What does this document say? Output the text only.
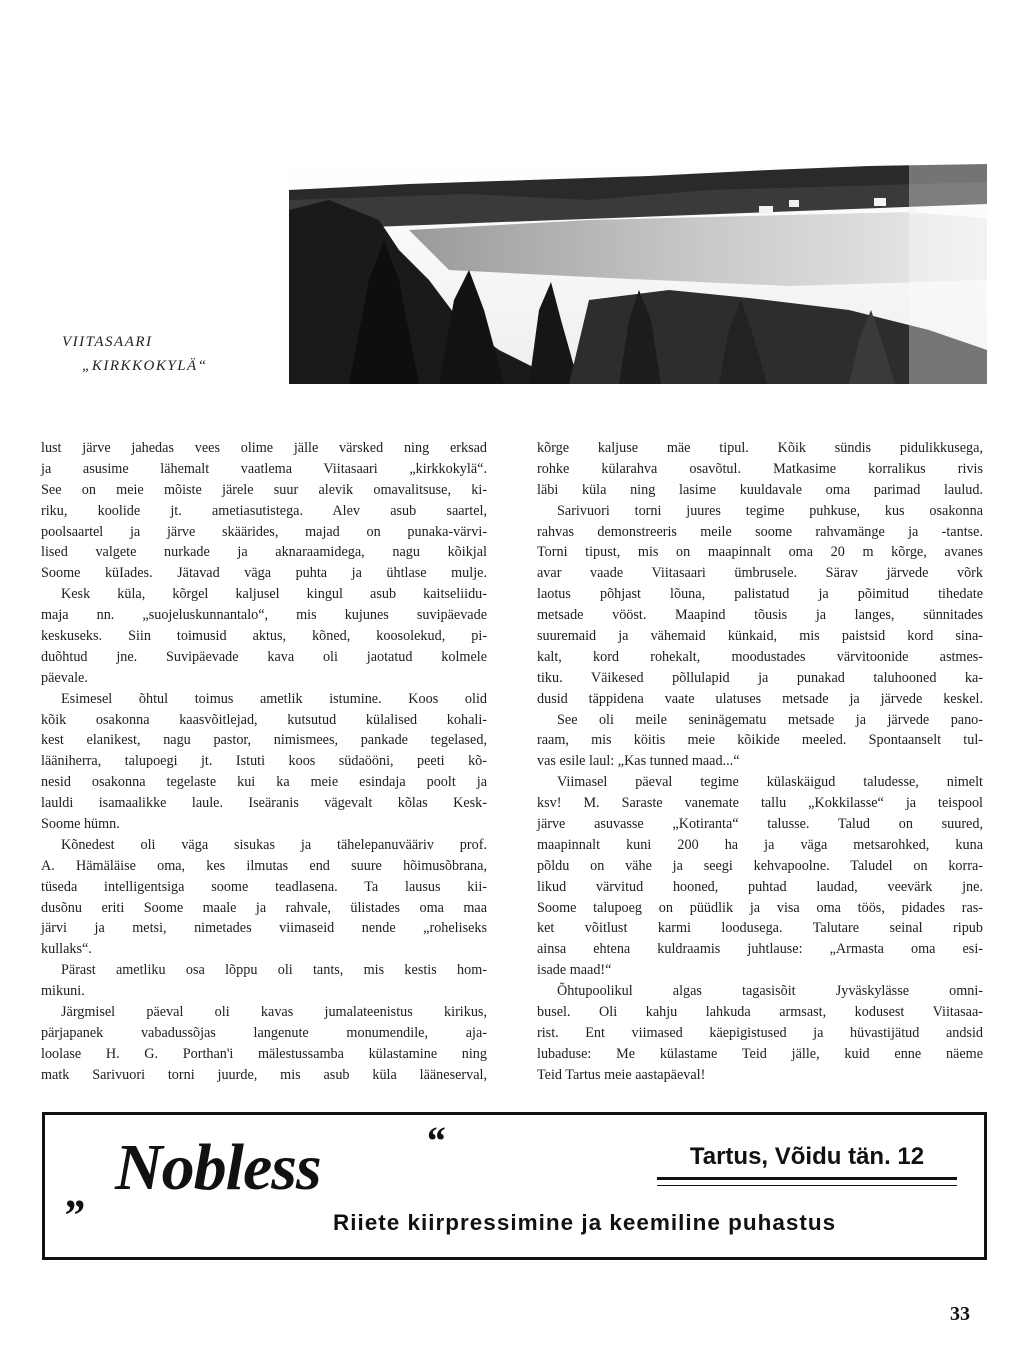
VIITASAARI
„KIRKKOKYLÄ“
lust järve jahedas vees olime jälle värsked ning erksad
ja asusime lähemalt vaatlema Viitasaari „kirkkokylä“.
See on meie mõiste järele suur alevik omavalitsuse, ki-
riku, koolide jt. ametiasutistega. Alev asub saartel,
poolsaartel ja järve skäärides, majad on punaka-värvi-
lised valgete nurkade ja aknaraamidega, nagu kõikjal
Soome küIades. Jätavad väga puhta ja ühtlase mulje.
Kesk küla, kõrgel kaljusel kingul asub kaitseliidu-
maja nn. „suojeluskunnantalo“, mis kujunes suvipäevade
keskuseks. Siin toimusid aktus, kõned, koosolekud, pi-
duõhtud jne. Suvipäevade kava oli jaotatud kolmele
päevale.
Esimesel õhtul toimus ametlik istumine. Koos olid
kõik osakonna kaasvõitlejad, kutsutud külalised kohali-
kest elanikest, nagu pastor, nimismees, pankade tegelased,
lääniherra, talupoegi jt. Istuti koos südaööni, peeti kõ-
nesid osakonna tegelaste kui ka meie esindaja poolt ja
lauldi isamaalikke laule. Iseäranis vägevalt kõlas Kesk-
Soome hümn.
Kõnedest oli väga sisukas ja tähelepanuvääriv prof.
A. Hämäläise oma, kes ilmutas end suure hõimusõbrana,
tüseda intelligentsiga soome teadlasena. Ta lausus kii-
dusõnu eriti Soome maale ja rahvale, ülistades oma maa
järvi ja metsi, nimetades viimaseid nende „roheliseks
kullaks“.
Pärast ametliku osa lõppu oli tants, mis kestis hom-
mikuni.
Järgmisel päeval oli kavas jumalateenistus kirikus,
pärjapanek vabadussõjas langenute monumendile, aja-
loolase H. G. Porthan'i mälestussamba külastamine ning
matk Sarivuori torni juurde, mis asub küla lääneserval,
kõrge kaljuse mäe tipul. Kõik sündis pidulikkusega,
rohke külarahva osavõtul. Matkasime korralikus rivis
läbi küla ning lasime kuuldavale oma parimad laulud.
Sarivuori torni juures tegime puhkuse, kus osakonna
rahvas demonstreeris meile soome rahvamänge ja -tantse.
Torni tipust, mis on maapinnalt oma 20 m kõrge, avanes
avar vaade Viitasaari ümbrusele. Särav järvede võrk
laotus põhjast lõuna, palistatud ja põimitud tihedate
metsade vööst. Maapind tõusis ja langes, sünnitades
suuremaid ja vähemaid künkaid, mis paistsid kord sina-
kalt, kord rohekalt, moodustades värvitoonide astmes-
tiku. Väikesed põllulapid ja punakad taluhooned ka-
dusid täppidena vaate ulatuses metsade ja järvede keskel.
See oli meile seninägematu metsade ja järvede pano-
raam, mis köitis meie kõikide meeled. Spontaanselt tul-
vas esile laul: „Kas tunned maad...“
Viimasel päeval tegime külaskäigud taludesse, nimelt
ksv! M. Saraste vanemate tallu „Kokkilasse“ ja teispool
järve asuvasse „Kotiranta“ talusse. Talud on suured,
maapinnalt kuni 200 ha ja väga metsarohked, kuna
põldu on vähe ja seegi kehvapoolne. Taludel on korra-
likud värvitud hooned, puhtad laudad, veevärk jne.
Soome talupoeg on püüdlik ja visa oma töös, pidades ras-
ket võitlust karmi loodusega. Talutare seinal ripub
ainsa ehtena kuldraamis juhtlause: „Armasta oma esi-
isade maad!“
Õhtupoolikul algas tagasisõit Jyväskylässe omni-
busel. Oli kahju lahkuda armsast, kodusest Viitasaa-
rist. Ent viimased käepigistused ja hüvastijätud andsid
lubaduse: Me külastame Teid jälle, kuid enne näeme
Teid Tartus meie aastapäeval!
„ Nobless	“	Tartus, Võidu tän. 12
Riiete kiirpressimine ja keemiline puhastus
33
